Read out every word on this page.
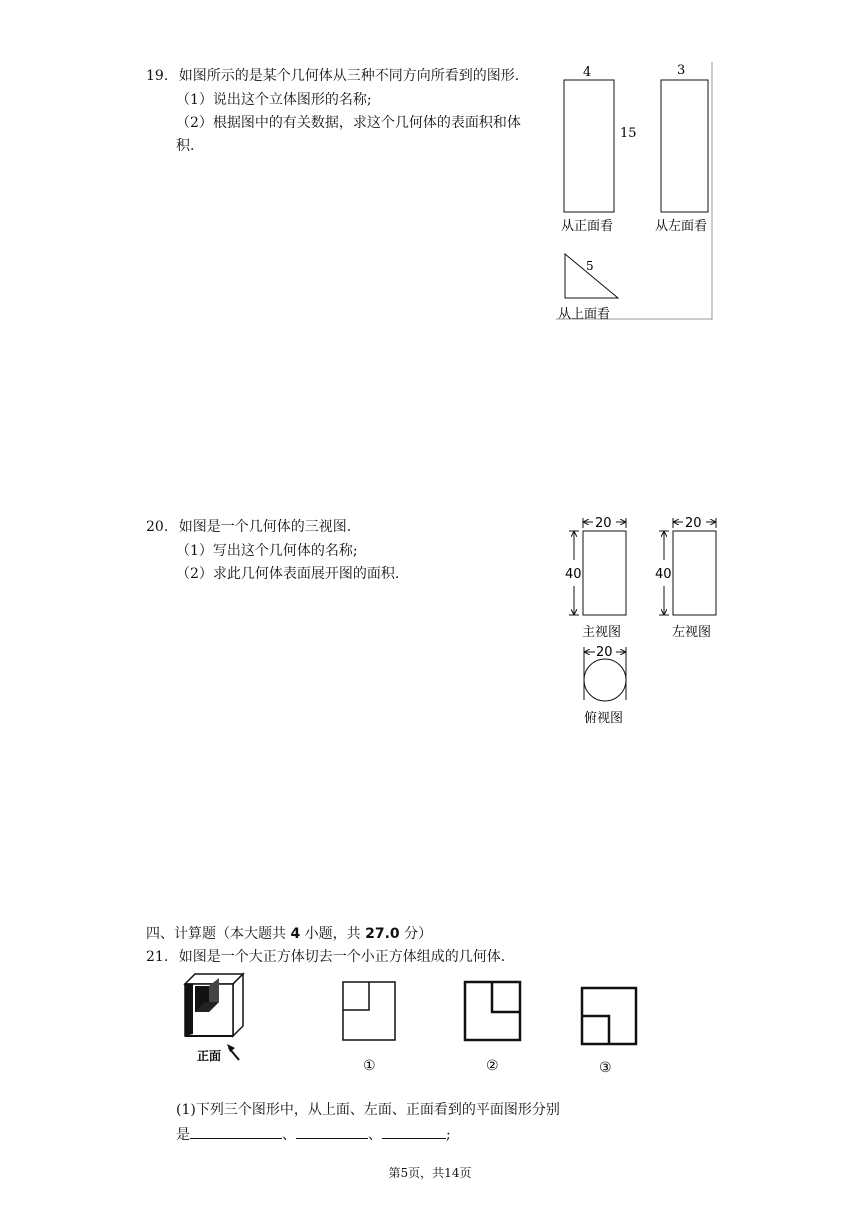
19. 如图所示的是某个几何体从三种不同方向所看到的图形.
（1）说出这个立体图形的名称;
（2）根据图中的有关数据，求这个几何体的表面积和体
积.
4
15
3
5
从正面看	从左面看
从上面看
20. 如图是一个几何体的三视图.
（1）写出这个几何体的名称;
（2）求此几何体表面展开图的面积.
20
40
主视图
20
40
左视图
20
俯视图
四、计算题（本大题共 4 小题，共 27.0 分）
21. 如图是一个大正方体切去一个小正方体组成的几何体.
正面
①	②	③
(1)下列三个图形中，从上面、左面、正面看到的平面图形分别
是	、	、	;
第5页，共14页
